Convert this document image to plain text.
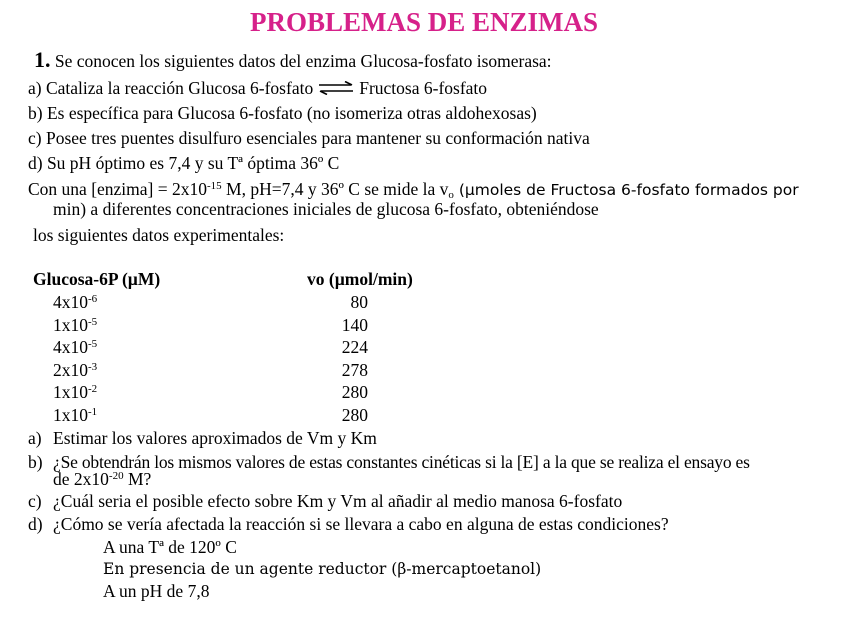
PROBLEMAS DE ENZIMAS
1. Se conocen los siguientes datos del enzima Glucosa-fosfato isomerasa:
a) Cataliza la reacción Glucosa 6-fosfato ⇌ Fructosa 6-fosfato
b) Es específica para Glucosa 6-fosfato (no isomeriza otras aldohexosas)
c) Posee tres puentes disulfuro esenciales para mantener su conformación nativa
d) Su pH óptimo es 7,4 y su Tª óptima 36º C
Con una [enzima] = $2x10^{-15}$ M, pH=7,4 y 36º C se mide la $v_o$ (µmoles de Fructosa 6-fosfato formados por
min) a diferentes concentraciones iniciales de glucosa 6-fosfato, obteniéndose
los siguientes datos experimentales:
Glucosa-6P (µM)	vo (µmol/min)
$4x10^{-6}$	80
$1x10^{-5}$	140
$4x10^{-5}$	224
$2x10^{-3}$	278
$1x10^{-2}$	280
$1x10^{-1}$	280
a) Estimar los valores aproximados de Vm y Km
b) ¿Se obtendrán los mismos valores de estas constantes cinéticas si la [E] a la que se realiza el ensayo es
de $2x10^{-20}$ M?
c) ¿Cuál seria el posible efecto sobre Km y Vm al añadir al medio manosa 6-fosfato
d) ¿Cómo se vería afectada la reacción si se llevara a cabo en alguna de estas condiciones?
A una Tª de 120º C
En presencia de un agente reductor (β-mercaptoetanol)
A un pH de 7,8
